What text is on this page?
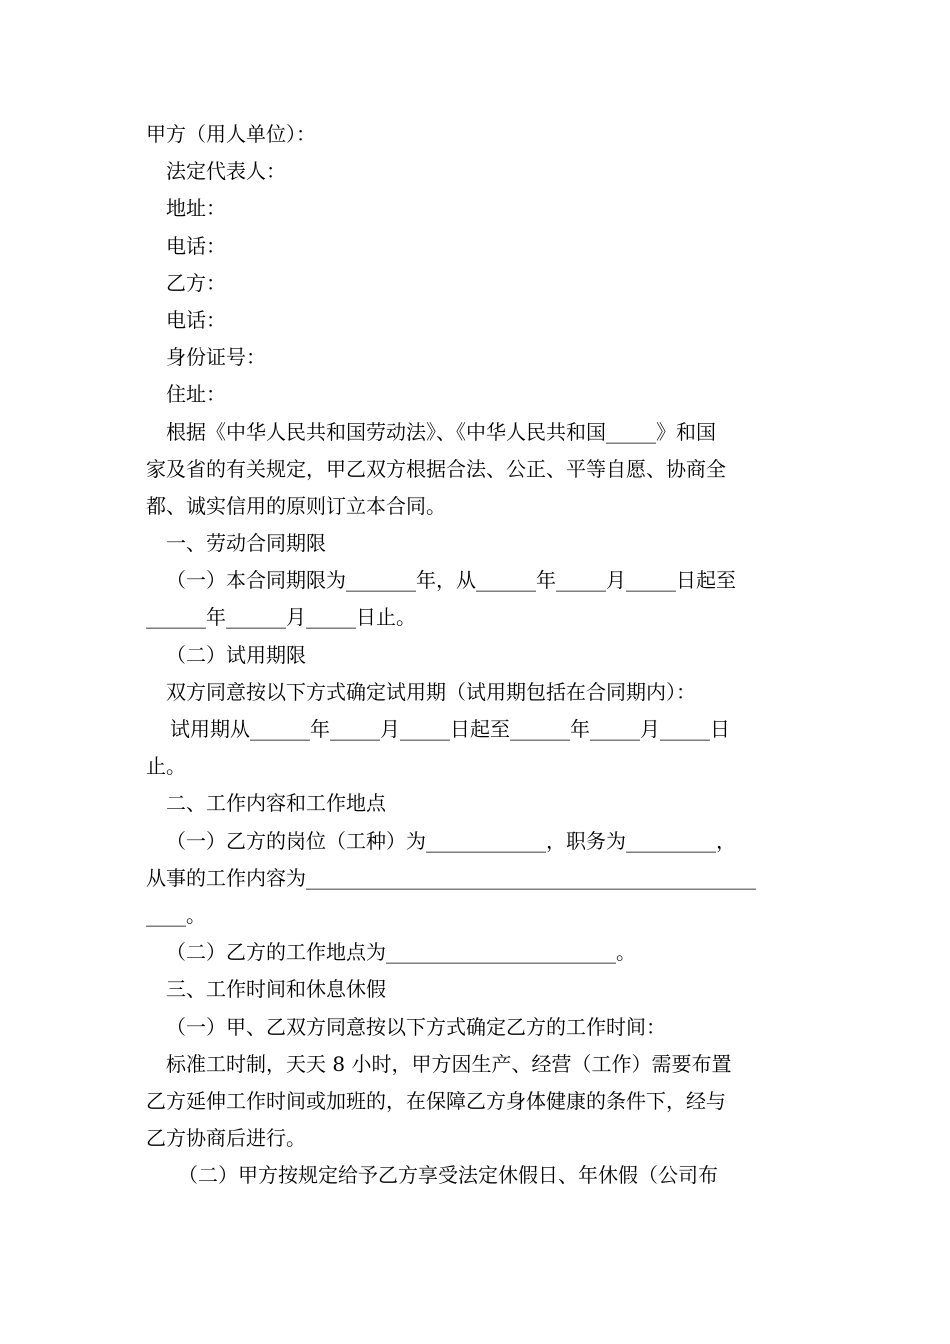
甲方（用人单位）：
法定代表人：
地址：
电话：
乙方：
电话：
身份证号：
住址：
根据《中华人民共和国劳动法》、《中华人民共和国_____》和国
家及省的有关规定，甲乙双方根据合法、公正、平等自愿、协商全
都、诚实信用的原则订立本合同。
一、劳动合同期限
（一）本合同期限为_______年，从______年_____月_____日起至
______年______月_____日止。
（二）试用期限
双方同意按以下方式确定试用期（试用期包括在合同期内）：
试用期从______年_____月_____日起至______年_____月_____日
止。
二、工作内容和工作地点
（一）乙方的岗位（工种）为____________，职务为_________，
从事的工作内容为_____________________________________________
____。
（二）乙方的工作地点为_______________________。
三、工作时间和休息休假
（一）甲、乙双方同意按以下方式确定乙方的工作时间：
标准工时制，天天 8 小时，甲方因生产、经营（工作）需要布置
乙方延伸工作时间或加班的，在保障乙方身体健康的条件下，经与
乙方协商后进行。
（二）甲方按规定给予乙方享受法定休假日、年休假（公司布
